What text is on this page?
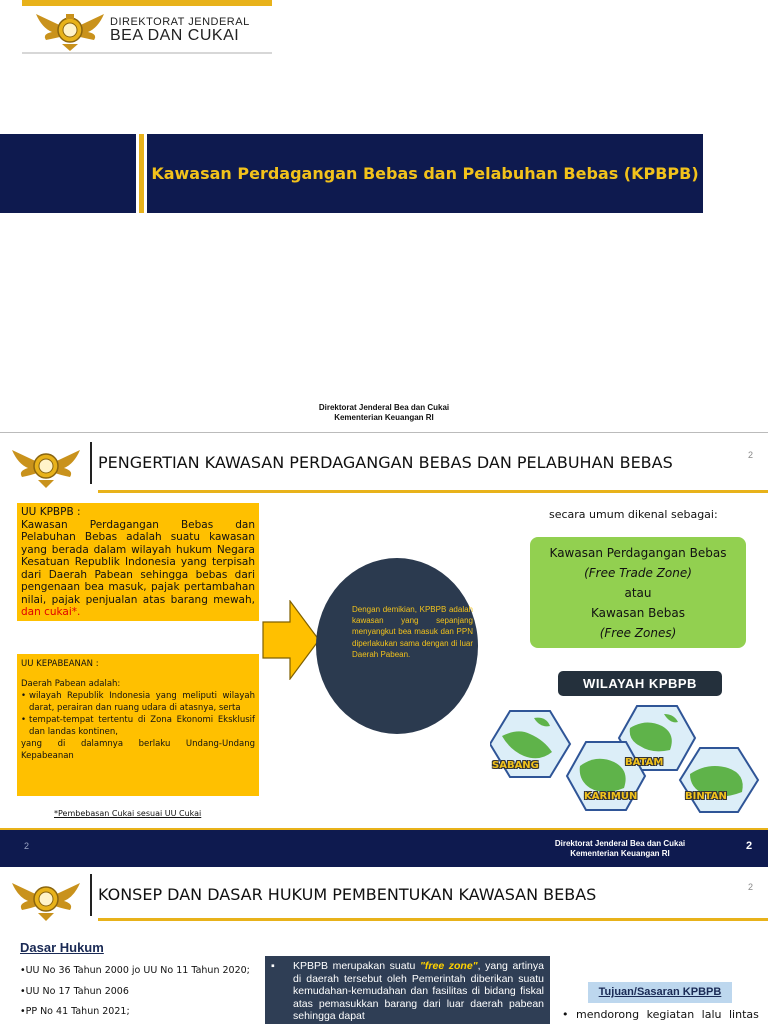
DIREKTORAT JENDERAL
BEA DAN CUKAI
Kawasan Perdagangan Bebas dan Pelabuhan Bebas (KPBPB)
Direktorat Jenderal Bea dan Cukai
Kementerian Keuangan RI
PENGERTIAN KAWASAN PERDAGANGAN BEBAS DAN PELABUHAN BEBAS	2
UU KPBPB :
Kawasan Perdagangan Bebas dan Pelabuhan Bebas adalah suatu kawasan yang berada dalam wilayah hukum Negara Kesatuan Republik Indonesia yang terpisah dari Daerah Pabean sehingga bebas dari pengenaan bea masuk, pajak pertambahan nilai, pajak penjualan atas barang mewah, dan cukai*.
UU KEPABEANAN :
Daerah Pabean adalah:
• wilayah Republik Indonesia yang meliputi wilayah darat, perairan dan ruang udara di atasnya, serta
• tempat-tempat tertentu di Zona Ekonomi Eksklusif dan landas kontinen,
yang di dalamnya berlaku Undang-Undang Kepabeanan
*Pembebasan Cukai sesuai UU Cukai
Dengan demikian, KPBPB adalah kawasan yang sepanjang menyangkut bea masuk dan PPN diperlakukan sama dengan di luar Daerah Pabean.
secara umum dikenal sebagai:
Kawasan Perdagangan Bebas
(Free Trade Zone)
atau
Kawasan Bebas
(Free Zones)
WILAYAH KPBPB
SABANG	BATAM
KARIMUN	BINTAN
2	Direktorat Jenderal Bea dan Cukai
Kementerian Keuangan RI
2
KONSEP DAN DASAR HUKUM PEMBENTUKAN KAWASAN BEBAS	2
Dasar Hukum
•UU No 36 Tahun 2000 jo UU No 11 Tahun 2020;
•UU No 17 Tahun 2006
•PP No 41 Tahun 2021;
▪	KPBPB merupakan suatu "free zone", yang artinya di daerah tersebut oleh Pemerintah diberikan suatu kemudahan-kemudahan dan fasilitas di bidang fiskal atas pemasukkan barang dari luar daerah pabean sehingga dapat
Tujuan/Sasaran KPBPB
• mendorong kegiatan lalu lintas
